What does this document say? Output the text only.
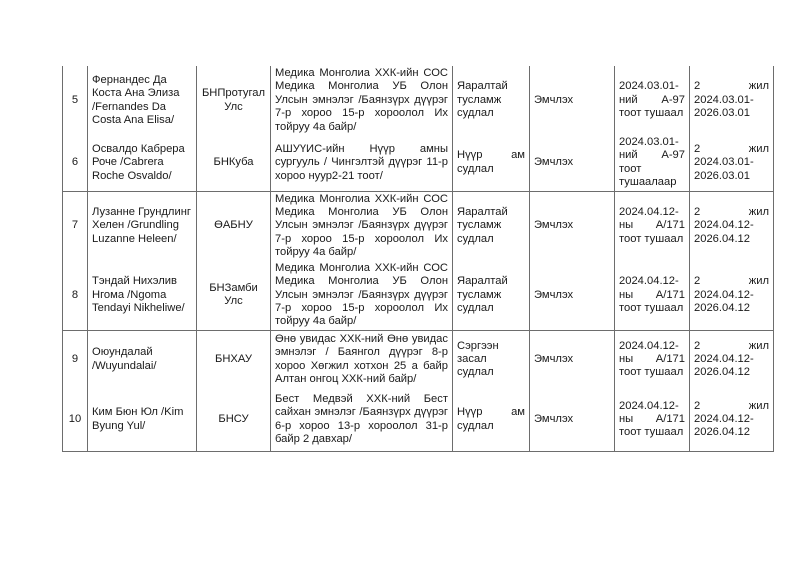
5	Фернандес Да Коста Ана Элиза /Fernandes Da Costa Ana Elisa/	БНПротугал Улс	Медика Монголиа ХХК-ийн СОС Медика Монголиа УБ Олон Улсын эмнэлэг /Баянзүрх дүүрэг 7-р хороо 15-р хороолол Их тойруу 4а байр/	Яаралтай тусламж судлал	Эмчлэх	2024.03.01-ний А-97 тоот тушаал	2 жил
2024.03.01-2026.03.01

6	Освалдо Кабрера Роче /Cabrera Roche Osvaldo/	БНКуба	АШУҮИС-ийн Нүүр амны сургууль / Чингэлтэй дүүрэг 11-р хороо нуур2-21 тоот/	Нүүр ам судлал	Эмчлэх	2024.03.01-ний А-97 тоот тушаалаар	2 жил
2024.03.01-2026.03.01

7	Лузанне Грундлинг Хелен /Grundling Luzanne Heleen/	ӨАБНУ	Медика Монголиа ХХК-ийн СОС Медика Монголиа УБ Олон Улсын эмнэлэг /Баянзүрх дүүрэг 7-р хороо 15-р хороолол Их тойруу 4а байр/	Яаралтай тусламж судлал	Эмчлэх	2024.04.12-ны А/171 тоот тушаал	2 жил
2024.04.12-2026.04.12

8	Тэндай Нихэлив Нгома /Ngoma Tendayi Nikheliwe/	БНЗамби Улс	Медика Монголиа ХХК-ийн СОС Медика Монголиа УБ Олон Улсын эмнэлэг /Баянзүрх дүүрэг 7-р хороо 15-р хороолол Их тойруу 4а байр/	Яаралтай тусламж судлал	Эмчлэх	2024.04.12-ны А/171 тоот тушаал	2 жил
2024.04.12-2026.04.12

9	Оюундалай /Wuyundalai/	БНХАУ	Өнө увидас ХХК-ний Өнө увидас эмнэлэг / Баянгол дүүрэг 8-р хороо Хөгжил хотхон 25 а байр Алтан онгоц ХХК-ний байр/	Сэргээн засал судлал	Эмчлэх	2024.04.12-ны А/171 тоот тушаал	2 жил
2024.04.12-2026.04.12

10	Ким Бюн Юл /Kim Byung Yul/	БНСУ	Бест Медвэй ХХК-ний Бест сайхан эмнэлэг /Баянзүрх дүүрэг 6-р хороо 13-р хороолол 31-р байр 2 давхар/	Нүүр ам судлал	Эмчлэх	2024.04.12-ны А/171 тоот тушаал	2 жил
2024.04.12-2026.04.12
